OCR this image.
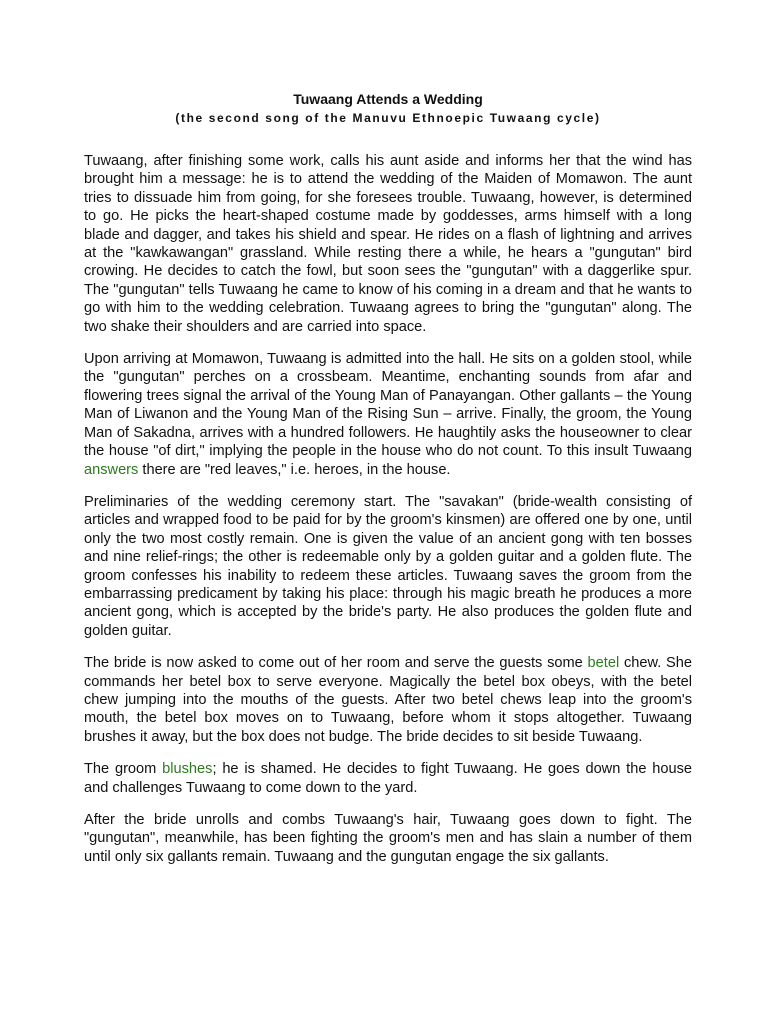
Tuwaang Attends a Wedding
(the second song of the Manuvu Ethnoepic Tuwaang cycle)

Tuwaang, after finishing some work, calls his aunt aside and informs her that the wind has brought him a message: he is to attend the wedding of the Maiden of Momawon. The aunt tries to dissuade him from going, for she foresees trouble. Tuwaang, however, is determined to go. He picks the heart-shaped costume made by goddesses, arms himself with a long blade and dagger, and takes his shield and spear. He rides on a flash of lightning and arrives at the "kawkawangan" grassland. While resting there a while, he hears a "gungutan" bird crowing. He decides to catch the fowl, but soon sees the "gungutan" with a daggerlike spur. The "gungutan" tells Tuwaang he came to know of his coming in a dream and that he wants to go with him to the wedding celebration. Tuwaang agrees to bring the "gungutan" along. The two shake their shoulders and are carried into space.

Upon arriving at Momawon, Tuwaang is admitted into the hall. He sits on a golden stool, while the "gungutan" perches on a crossbeam. Meantime, enchanting sounds from afar and flowering trees signal the arrival of the Young Man of Panayangan. Other gallants – the Young Man of Liwanon and the Young Man of the Rising Sun – arrive. Finally, the groom, the Young Man of Sakadna, arrives with a hundred followers. He haughtily asks the houseowner to clear the house "of dirt," implying the people in the house who do not count. To this insult Tuwaang answers there are "red leaves," i.e. heroes, in the house.

Preliminaries of the wedding ceremony start. The "savakan" (bride-wealth consisting of articles and wrapped food to be paid for by the groom's kinsmen) are offered one by one, until only the two most costly remain. One is given the value of an ancient gong with ten bosses and nine relief-rings; the other is redeemable only by a golden guitar and a golden flute. The groom confesses his inability to redeem these articles. Tuwaang saves the groom from the embarrassing predicament by taking his place: through his magic breath he produces a more ancient gong, which is accepted by the bride's party. He also produces the golden flute and golden guitar.

The bride is now asked to come out of her room and serve the guests some betel chew. She commands her betel box to serve everyone. Magically the betel box obeys, with the betel chew jumping into the mouths of the guests. After two betel chews leap into the groom's mouth, the betel box moves on to Tuwaang, before whom it stops altogether. Tuwaang brushes it away, but the box does not budge. The bride decides to sit beside Tuwaang.

The groom blushes; he is shamed. He decides to fight Tuwaang. He goes down the house and challenges Tuwaang to come down to the yard.

After the bride unrolls and combs Tuwaang's hair, Tuwaang goes down to fight. The "gungutan", meanwhile, has been fighting the groom's men and has slain a number of them until only six gallants remain. Tuwaang and the gungutan engage the six gallants.
